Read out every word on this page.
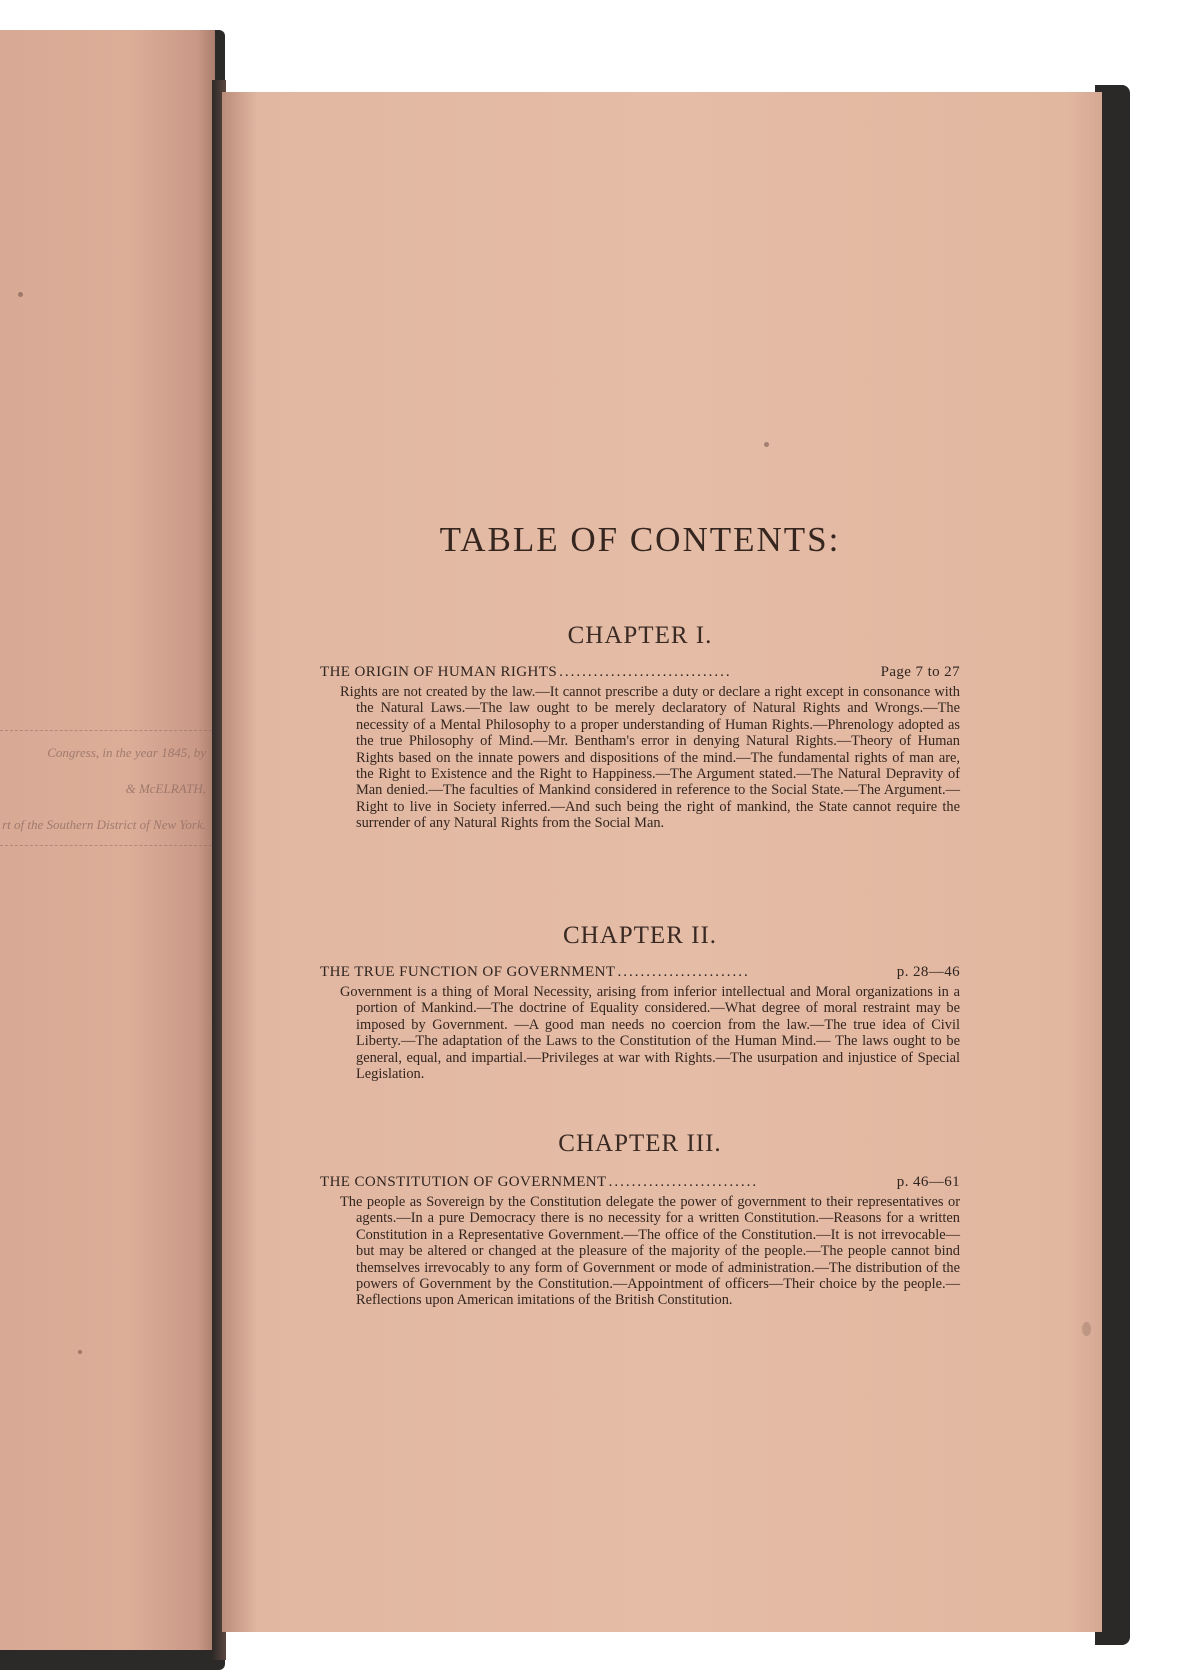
Congress, in the year 1845, by
& McELRATH,
rt of the Southern District of New York.
TABLE OF CONTENTS:
CHAPTER I.
THE ORIGIN OF HUMAN RIGHTS ..............................	Page 7 to 27

Rights are not created by the law.—It cannot prescribe a duty or declare a right except in consonance with the Natural Laws.—The law ought to be merely declaratory of Natural Rights and Wrongs.—The necessity of a Mental Philosophy to a proper understanding of Human Rights.—Phrenology adopted as the true Philosophy of Mind.—Mr. Bentham's error in denying Natural Rights.—Theory of Human Rights based on the innate powers and dispositions of the mind.—The fundamental rights of man are, the Right to Existence and the Right to Happiness.—The Argument stated.—The Natural Depravity of Man denied.—The faculties of Mankind considered in reference to the Social State.—The Argument.—Right to live in Society inferred.—And such being the right of mankind, the State cannot require the surrender of any Natural Rights from the Social Man.

CHAPTER II.
THE TRUE FUNCTION OF GOVERNMENT .......................	p. 28—46

Government is a thing of Moral Necessity, arising from inferior intellectual and Moral organizations in a portion of Mankind.—The doctrine of Equality considered.—What degree of moral restraint may be imposed by Government. —A good man needs no coercion from the law.—The true idea of Civil Liberty.—The adaptation of the Laws to the Constitution of the Human Mind.— The laws ought to be general, equal, and impartial.—Privileges at war with Rights.—The usurpation and injustice of Special Legislation.

CHAPTER III.
THE CONSTITUTION OF GOVERNMENT ..........................	p. 46—61

The people as Sovereign by the Constitution delegate the power of government to their representatives or agents.—In a pure Democracy there is no necessity for a written Constitution.—Reasons for a written Constitution in a Representative Government.—The office of the Constitution.—It is not irrevocable—but may be altered or changed at the pleasure of the majority of the people.—The people cannot bind themselves irrevocably to any form of Government or mode of administration.—The distribution of the powers of Government by the Constitution.—Appointment of officers—Their choice by the people.—Reflections upon American imitations of the British Constitution.
